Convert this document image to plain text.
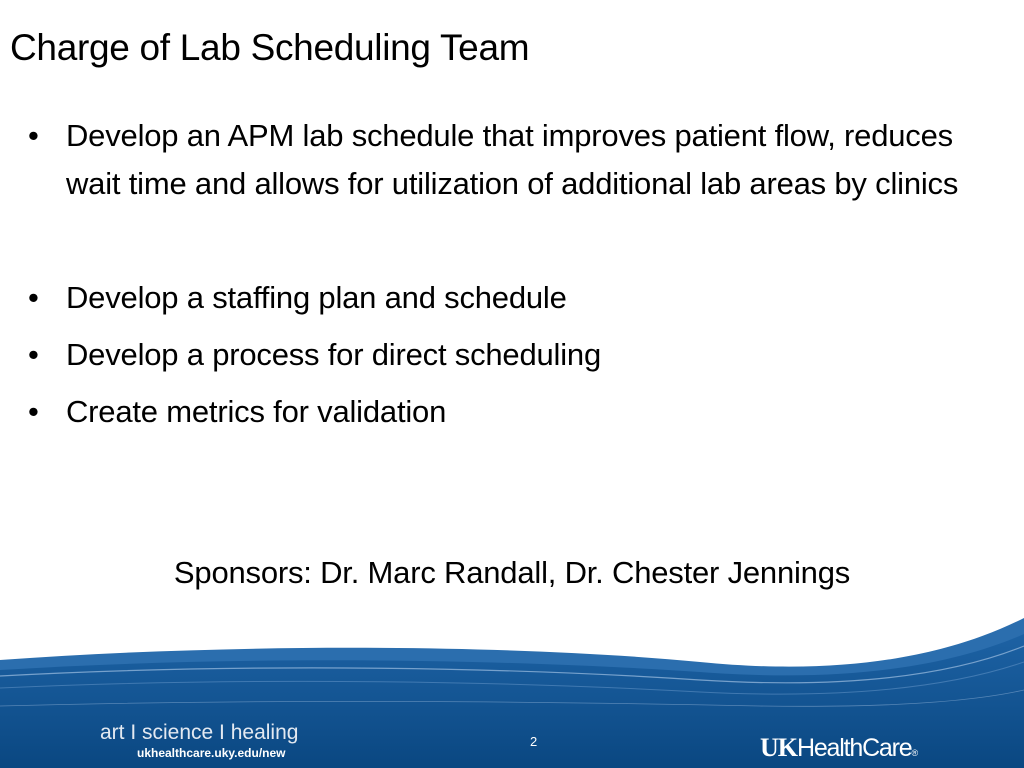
Charge of Lab Scheduling Team
• Develop an APM lab schedule that improves patient flow, reduces wait time and allows for utilization of additional lab areas by clinics
• Develop a staffing plan and schedule
• Develop a process for direct scheduling
• Create metrics for validation
Sponsors: Dr. Marc Randall, Dr. Chester Jennings
art I science I healing
ukhealthcare.uky.edu/new
2	UKHealthCare®
